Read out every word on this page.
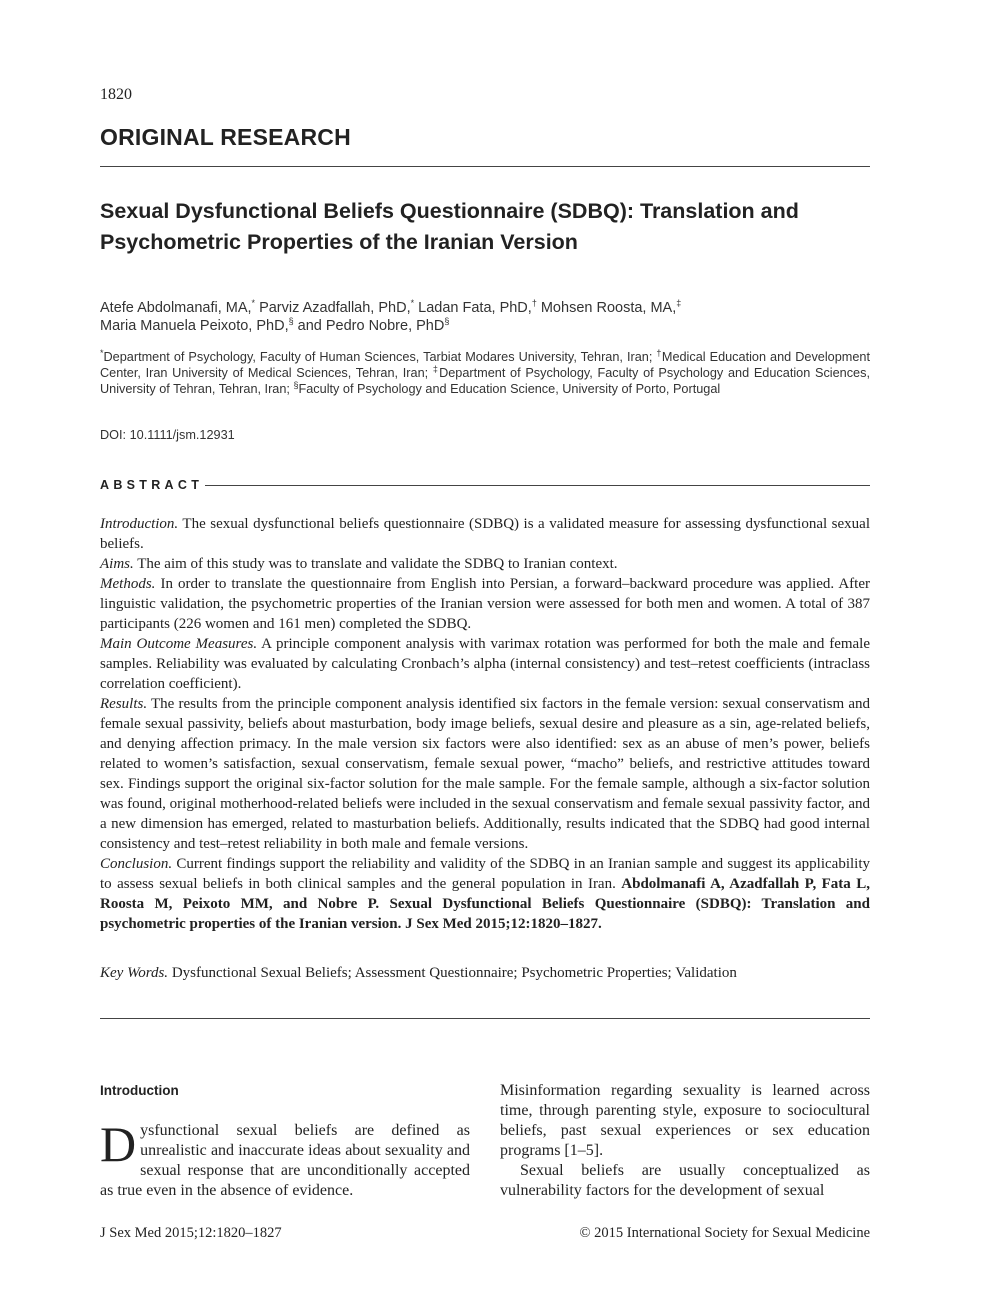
1820
ORIGINAL RESEARCH
Sexual Dysfunctional Beliefs Questionnaire (SDBQ): Translation and Psychometric Properties of the Iranian Version
Atefe Abdolmanafi, MA,* Parviz Azadfallah, PhD,* Ladan Fata, PhD,† Mohsen Roosta, MA,‡
Maria Manuela Peixoto, PhD,§ and Pedro Nobre, PhD§
*Department of Psychology, Faculty of Human Sciences, Tarbiat Modares University, Tehran, Iran; †Medical Education and Development Center, Iran University of Medical Sciences, Tehran, Iran; ‡Department of Psychology, Faculty of Psychology and Education Sciences, University of Tehran, Tehran, Iran; §Faculty of Psychology and Education Science, University of Porto, Portugal
DOI: 10.1111/jsm.12931
ABSTRACT

Introduction. The sexual dysfunctional beliefs questionnaire (SDBQ) is a validated measure for assessing dysfunctional sexual beliefs.

Aims. The aim of this study was to translate and validate the SDBQ to Iranian context.

Methods. In order to translate the questionnaire from English into Persian, a forward–backward procedure was applied. After linguistic validation, the psychometric properties of the Iranian version were assessed for both men and women. A total of 387 participants (226 women and 161 men) completed the SDBQ.

Main Outcome Measures. A principle component analysis with varimax rotation was performed for both the male and female samples. Reliability was evaluated by calculating Cronbach’s alpha (internal consistency) and test–retest coefficients (intraclass correlation coefficient).

Results. The results from the principle component analysis identified six factors in the female version: sexual conservatism and female sexual passivity, beliefs about masturbation, body image beliefs, sexual desire and pleasure as a sin, age-related beliefs, and denying affection primacy. In the male version six factors were also identified: sex as an abuse of men’s power, beliefs related to women’s satisfaction, sexual conservatism, female sexual power, “macho” beliefs, and restrictive attitudes toward sex. Findings support the original six-factor solution for the male sample. For the female sample, although a six-factor solution was found, original motherhood-related beliefs were included in the sexual conservatism and female sexual passivity factor, and a new dimension has emerged, related to masturbation beliefs. Additionally, results indicated that the SDBQ had good internal consistency and test–retest reliability in both male and female versions.

Conclusion. Current findings support the reliability and validity of the SDBQ in an Iranian sample and suggest its applicability to assess sexual beliefs in both clinical samples and the general population in Iran. Abdolmanafi A, Azadfallah P, Fata L, Roosta M, Peixoto MM, and Nobre P. Sexual Dysfunctional Beliefs Questionnaire (SDBQ): Translation and psychometric properties of the Iranian version. J Sex Med 2015;12:1820–1827.

Key Words. Dysfunctional Sexual Beliefs; Assessment Questionnaire; Psychometric Properties; Validation
Introduction
Dysfunctional sexual beliefs are defined as unrealistic and inaccurate ideas about sexuality and sexual response that are unconditionally accepted as true even in the absence of evidence.

Misinformation regarding sexuality is learned across time, through parenting style, exposure to sociocultural beliefs, past sexual experiences or sex education programs [1–5].

Sexual beliefs are usually conceptualized as vulnerability factors for the development of sexual

J Sex Med 2015;12:1820–1827	© 2015 International Society for Sexual Medicine
